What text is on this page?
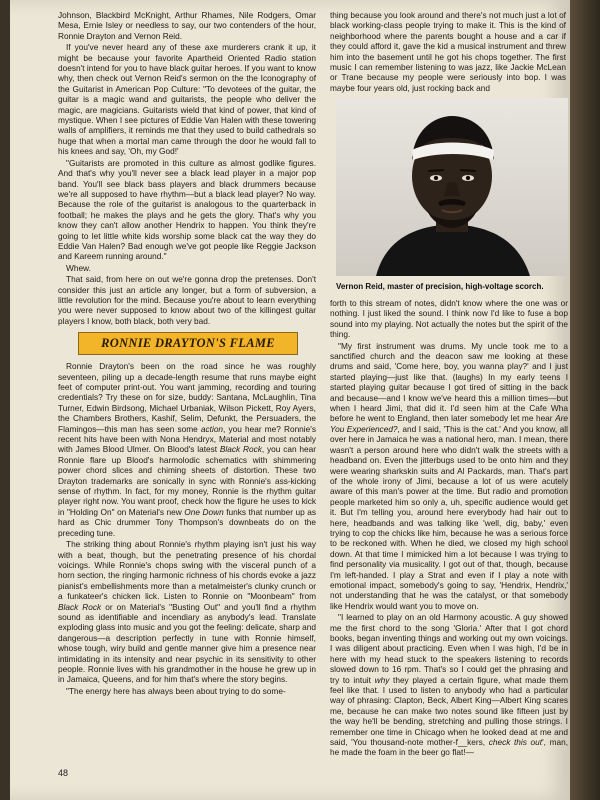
Johnson, Blackbird McKnight, Arthur Rhames, Nile Rodgers, Omar Mesa, Ernie Isley or needless to say, our two contenders of the hour, Ronnie Drayton and Vernon Reid.

If you've never heard any of these axe murderers crank it up, it might be because your favorite Apartheid Oriented Radio station doesn't intend for you to have black guitar heroes. If you want to know why, then check out Vernon Reid's sermon on the the Iconography of the Guitarist in American Pop Culture: "To devotees of the guitar, the guitar is a magic wand and guitarists, the people who deliver the magic, are magicians. Guitarists wield that kind of power, that kind of mystique. When I see pictures of Eddie Van Halen with these towering walls of amplifiers, it reminds me that they used to build cathedrals so huge that when a mortal man came through the door he would fall to his knees and say, 'Oh, my God!'

"Guitarists are promoted in this culture as almost godlike figures. And that's why you'll never see a black lead player in a major pop band. You'll see black bass players and black drummers because we're all supposed to have rhythm—but a black lead player? No way. Because the role of the guitarist is analogous to the quarterback in football; he makes the plays and he gets the glory. That's why you know they can't allow another Hendrix to happen. You think they're going to let little white kids worship some black cat the way they do Eddie Van Halen? Bad enough we've got people like Reggie Jackson and Kareem running around."

Whew.

That said, from here on out we're gonna drop the pretenses. Don't consider this just an article any longer, but a form of subversion, a little revolution for the mind. Because you're about to learn everything you were never supposed to know about two of the killingest guitar players I know, both black, both very bad.

RONNIE DRAYTON'S FLAME

Ronnie Drayton's been on the road since he was roughly seventeen, piling up a decade-length resume that runs maybe eight feet of computer print-out. You want jamming, recording and touring credentials? Try these on for size, buddy: Santana, McLaughlin, Tina Turner, Edwin Birdsong, Michael Urbaniak, Wilson Pickett, Roy Ayers, the Chambers Brothers, Kashif, Selim, Defunkt, the Persuaders, the Flamingos—this man has seen some action, you hear me? Ronnie's recent hits have been with Nona Hendryx, Material and most notably with James Blood Ulmer. On Blood's latest Black Rock, you can hear Ronnie flare up Blood's harmolodic schematics with shimmering power chord slices and chiming sheets of distortion. These two Drayton trademarks are sonically in sync with Ronnie's ass-kicking sense of rhythm. In fact, for my money, Ronnie is the rhythm guitar player right now. You want proof, check how the figure he uses to kick in "Holding On" on Material's new One Down funks that number up as hard as Chic drummer Tony Thompson's downbeats do on the preceding tune.

The striking thing about Ronnie's rhythm playing isn't just his way with a beat, though, but the penetrating presence of his chordal voicings. While Ronnie's chops swing with the visceral punch of a horn section, the ringing harmonic richness of his chords evoke a jazz pianist's embellishments more than a metalmeister's clunky crunch or a funkateer's chicken lick. Listen to Ronnie on "Moonbeam" from Black Rock or on Material's "Busting Out" and you'll find a rhythm sound as identifiable and incendiary as anybody's lead. Translate exploding glass into music and you got the feeling: delicate, sharp and dangerous—a description perfectly in tune with Ronnie himself, whose tough, wiry build and gentle manner give him a presence near intimidating in its intensity and near psychic in its sensitivity to other people. Ronnie lives with his grandmother in the house he grew up in in Jamaica, Queens, and for him that's where the story begins.

"The energy here has always been about trying to do some-

thing because you look around and there's not much just a lot of black working-class people trying to make it. This is the kind of neighborhood where the parents bought a house and a car if they could afford it, gave the kid a musical instrument and threw him into the basement until he got his chops together. The first music I can remember listening to was jazz, like Jackie McLean or Trane because my people were seriously into bop. I was maybe four years old, just rocking back and

Vernon Reid, master of precision, high-voltage scorch.

forth to this stream of notes, didn't know where the one was or nothing. I just liked the sound. I think now I'd like to fuse a bop sound into my playing. Not actually the notes but the spirit of the thing.

"My first instrument was drums. My uncle took me to a sanctified church and the deacon saw me looking at these drums and said, 'Come here, boy, you wanna play?' and I just started playing—just like that. (laughs) In my early teens I started playing guitar because I got tired of sitting in the back and because—and I know we've heard this a million times—but when I heard Jimi, that did it. I'd seen him at the Cafe Wha before he went to England, then later somebody let me hear Are You Experienced?, and I said, 'This is the cat.' And you know, all over here in Jamaica he was a national hero, man. I mean, there wasn't a person around here who didn't walk the streets with a headband on. Even the jitterbugs used to be onto him and they were wearing sharkskin suits and Al Packards, man. That's part of the whole irony of Jimi, because a lot of us were acutely aware of this man's power at the time. But radio and promotion people marketed him so only a, uh, specific audience would get it. But I'm telling you, around here everybody had hair out to here, headbands and was talking like 'well, dig, baby,' even trying to cop the chicks like him, because he was a serious force to be reckoned with. When he died, we closed my high school down. At that time I mimicked him a lot because I was trying to find personality via musicality. I got out of that, though, because I'm left-handed. I play a Strat and even if I play a note with emotional impact, somebody's going to say, 'Hendrix, Hendrix,' not understanding that he was the catalyst, or that somebody like Hendrix would want you to move on.

"I learned to play on an old Harmony acoustic. A guy showed me the first chord to the song 'Gloria.' After that I got chord books, began inventing things and working out my own voicings. I was diligent about practicing. Even when I was high, I'd be in here with my head stuck to the speakers listening to records slowed down to 16 rpm. That's so I could get the phrasing and try to intuit why they played a certain figure, what made them feel like that. I used to listen to anybody who had a particular way of phrasing: Clapton, Beck, Albert King—Albert King scares me, because he can make two notes sound like fifteen just by the way he'll be bending, stretching and pulling those strings. I remember one time in Chicago when he looked dead at me and said, 'You thousand-note mother-f__kers, check this out', man, he made the foam in the beer go flat!—

48
